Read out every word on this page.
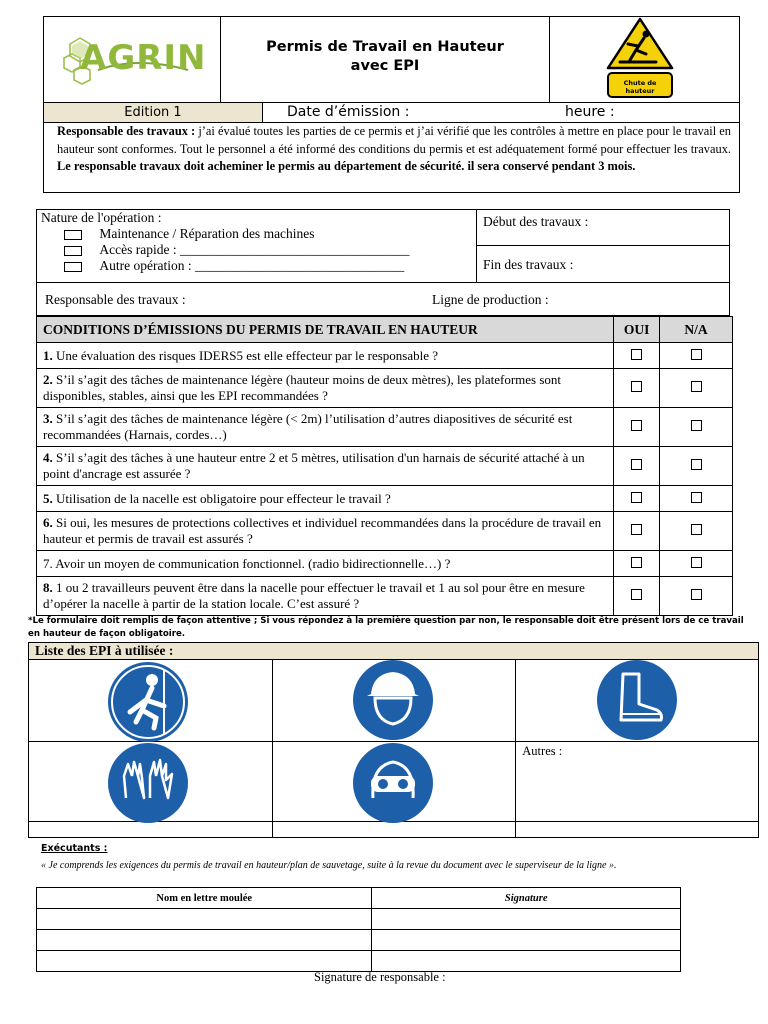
AGRIN	Permis de Travail en Hauteur
avec EPI
Chute de hauteur
Edition 1	Date d’émission :	heure :
Responsable des travaux : j’ai évalué toutes les parties de ce permis et j’ai vérifié que les contrôles à mettre en place pour le travail en hauteur sont conformes. Tout le personnel a été informé des conditions du permis et est adéquatement formé pour effectuer les travaux. Le responsable travaux doit acheminer le permis au département de sécurité. il sera conservé pendant 3 mois.
Nature de l'opération :
Maintenance / Réparation des machines
Accès rapide : __________________________________
Autre opération : _______________________________
Début des travaux :
Fin des travaux :
Responsable des travaux :	Ligne de production :
CONDITIONS D’ÉMISSIONS DU PERMIS DE TRAVAIL EN HAUTEUR	OUI	N/A
1. Une évaluation des risques IDERS5 est elle effecteur par le responsable ?		
2. S’il s’agit des tâches de maintenance légère (hauteur moins de deux mètres), les plateformes sont disponibles, stables, ainsi que les EPI recommandées ?		
3. S’il s’agit des tâches de maintenance légère (< 2m) l’utilisation d’autres diapositives de sécurité est recommandées (Harnais, cordes…)		
4. S’il s’agit des tâches à une hauteur entre 2 et 5 mètres, utilisation d'un harnais de sécurité attaché à un point d'ancrage est assurée ?		
5. Utilisation de la nacelle est obligatoire pour effecteur le travail ?		
6. Si oui, les mesures de protections collectives et individuel recommandées dans la procédure de travail en hauteur et permis de travail est assurés ?		
7. Avoir un moyen de communication fonctionnel. (radio bidirectionnelle…) ?		
8. 1 ou 2 travailleurs peuvent être dans la nacelle pour effectuer le travail et 1 au sol pour être en mesure d’opérer la nacelle à partir de la station locale. C’est assuré ?		
*Le formulaire doit remplis de façon attentive ; Si vous répondez à la première question par non, le responsable doit être présent lors de ce travail en hauteur de façon obligatoire.
Liste des EPI à utilisée :

		Autres :

Exécutants :
« Je comprends les exigences du permis de travail en hauteur/plan de sauvetage, suite à la revue du document avec le superviseur de la ligne ».
Nom en lettre moulée	Signature

Signature de responsable :
